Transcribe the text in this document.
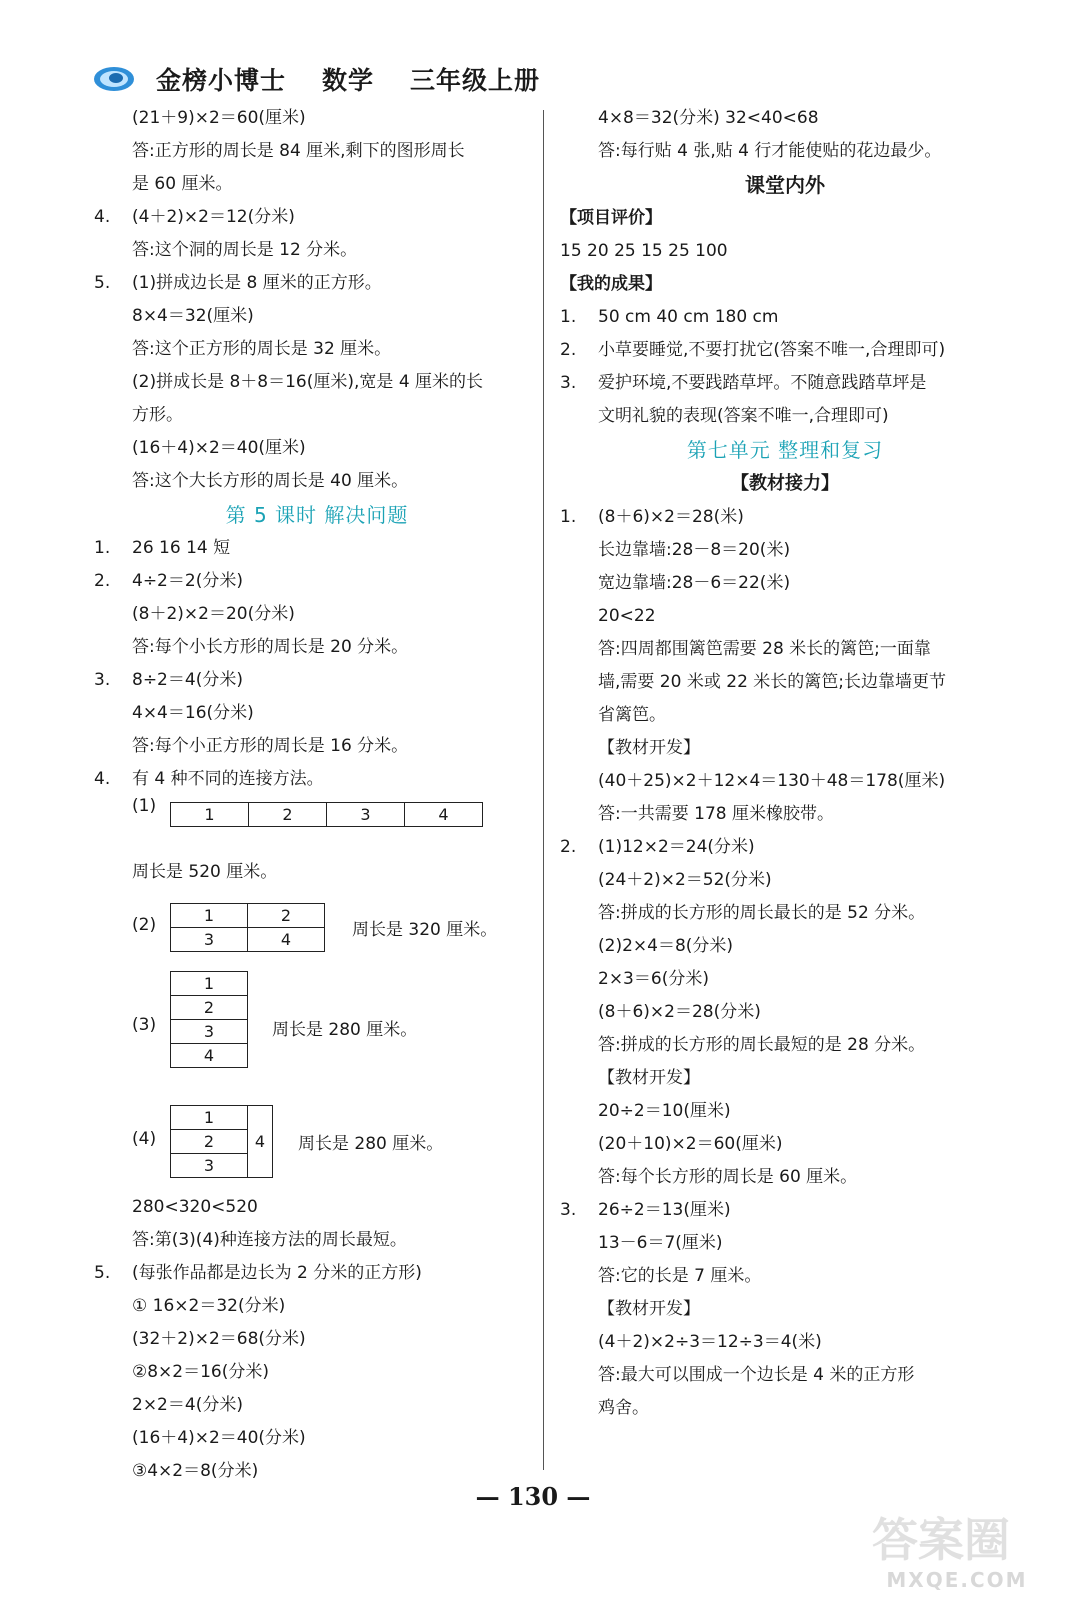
金榜小博士 数学 三年级上册
(21＋9)×2＝60(厘米)
答:正方形的周长是 84 厘米,剩下的图形周长
是 60 厘米。
4. (4＋2)×2＝12(分米)
答:这个洞的周长是 12 分米。
5. (1)拼成边长是 8 厘米的正方形。
8×4＝32(厘米)
答:这个正方形的周长是 32 厘米。
(2)拼成长是 8＋8＝16(厘米),宽是 4 厘米的长
方形。
(16＋4)×2＝40(厘米)
答:这个大长方形的周长是 40 厘米。
第 5 课时 解决问题
1. 26 16 14 短
2. 4÷2＝2(分米)
(8＋2)×2＝20(分米)
答:每个小长方形的周长是 20 分米。
3. 8÷2＝4(分米)
4×4＝16(分米)
答:每个小正方形的周长是 16 分米。
4. 有 4 种不同的连接方法。
(1)	1	2	3	4
周长是 520 厘米。
(2)	1	2
3	4	周长是 320 厘米。
(3)
1
2
3
4
周长是 280 厘米。
(4)
1	4
2
3
周长是 280 厘米。
280<320<520
答:第(3)(4)种连接方法的周长最短。
5. (每张作品都是边长为 2 分米的正方形)
① 16×2＝32(分米)
(32＋2)×2＝68(分米)
②8×2＝16(分米)
2×2＝4(分米)
(16＋4)×2＝40(分米)
③4×2＝8(分米)
4×8＝32(分米) 32<40<68
答:每行贴 4 张,贴 4 行才能使贴的花边最少。
课堂内外
【项目评价】
15 20 25 15 25 100
【我的成果】
1. 50 cm 40 cm 180 cm
2. 小草要睡觉,不要打扰它(答案不唯一,合理即可)
3. 爱护环境,不要践踏草坪。不随意践踏草坪是
文明礼貌的表现(答案不唯一,合理即可)
第七单元 整理和复习
【教材接力】
1. (8＋6)×2＝28(米)
长边靠墙:28－8＝20(米)
宽边靠墙:28－6＝22(米)
20<22
答:四周都围篱笆需要 28 米长的篱笆;一面靠
墙,需要 20 米或 22 米长的篱笆;长边靠墙更节
省篱笆。
【教材开发】
(40＋25)×2＋12×4＝130＋48＝178(厘米)
答:一共需要 178 厘米橡胶带。
2. (1)12×2＝24(分米)
(24＋2)×2＝52(分米)
答:拼成的长方形的周长最长的是 52 分米。
(2)2×4＝8(分米)
2×3＝6(分米)
(8＋6)×2＝28(分米)
答:拼成的长方形的周长最短的是 28 分米。
【教材开发】
20÷2＝10(厘米)
(20＋10)×2＝60(厘米)
答:每个长方形的周长是 60 厘米。
3. 26÷2＝13(厘米)
13－6＝7(厘米)
答:它的长是 7 厘米。
【教材开发】
(4＋2)×2÷3＝12÷3＝4(米)
答:最大可以围成一个边长是 4 米的正方形
鸡舍。
— 130 —
答案圈
MXQE.COM
